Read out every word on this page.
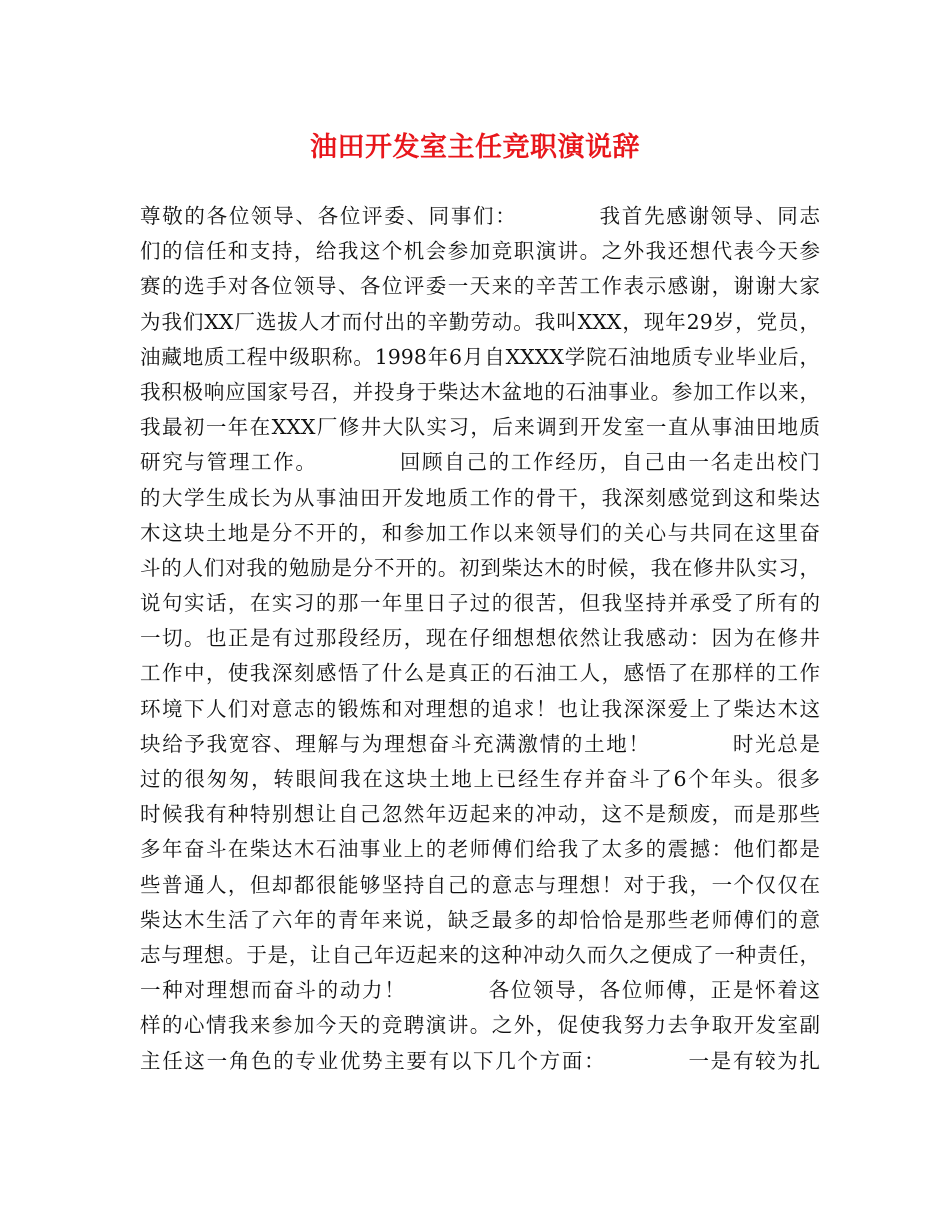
油田开发室主任竞职演说辞
尊敬的各位领导、各位评委、同事们：          我首先感谢领导、同志
们的信任和支持，给我这个机会参加竞职演讲。之外我还想代表今天参
赛的选手对各位领导、各位评委一天来的辛苦工作表示感谢，谢谢大家
为我们XX厂选拔人才而付出的辛勤劳动。我叫XXX，现年29岁，党员，
油藏地质工程中级职称。1998年6月自XXXX学院石油地质专业毕业后，
我积极响应国家号召，并投身于柴达木盆地的石油事业。参加工作以来，
我最初一年在XXX厂修井大队实习，后来调到开发室一直从事油田地质
研究与管理工作。          回顾自己的工作经历，自己由一名走出校门
的大学生成长为从事油田开发地质工作的骨干，我深刻感觉到这和柴达
木这块土地是分不开的，和参加工作以来领导们的关心与共同在这里奋
斗的人们对我的勉励是分不开的。初到柴达木的时候，我在修井队实习，
说句实话，在实习的那一年里日子过的很苦，但我坚持并承受了所有的
一切。也正是有过那段经历，现在仔细想想依然让我感动：因为在修井
工作中，使我深刻感悟了什么是真正的石油工人，感悟了在那样的工作
环境下人们对意志的锻炼和对理想的追求！也让我深深爱上了柴达木这
块给予我宽容、理解与为理想奋斗充满激情的土地！          时光总是
过的很匆匆，转眼间我在这块土地上已经生存并奋斗了6个年头。很多
时候我有种特别想让自己忽然年迈起来的冲动，这不是颓废，而是那些
多年奋斗在柴达木石油事业上的老师傅们给我了太多的震撼：他们都是
些普通人，但却都很能够坚持自己的意志与理想！对于我，一个仅仅在
柴达木生活了六年的青年来说，缺乏最多的却恰恰是那些老师傅们的意
志与理想。于是，让自己年迈起来的这种冲动久而久之便成了一种责任，
一种对理想而奋斗的动力！          各位领导，各位师傅，正是怀着这
样的心情我来参加今天的竞聘演讲。之外，促使我努力去争取开发室副
主任这一角色的专业优势主要有以下几个方面：          一是有较为扎
